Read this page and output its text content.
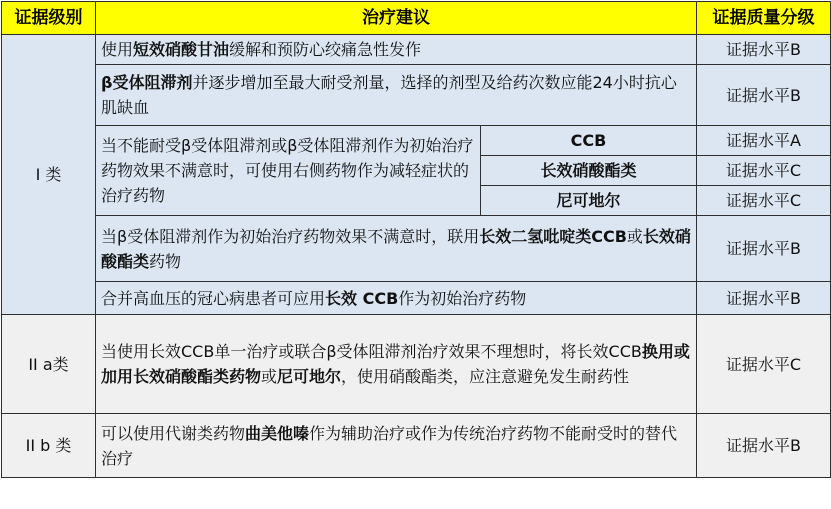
证据级别	治疗建议		证据质量分级
I 类	使用短效硝酸甘油缓解和预防心绞痛急性发作		证据水平B
	β受体阻滞剂并逐步增加至最大耐受剂量，选择的剂型及给药次数应能24小时抗心肌缺血		证据水平B
	当不能耐受β受体阻滞剂或β受体阻滞剂作为初始治疗药物效果不满意时，可使用右侧药物作为减轻症状的治疗药物	CCB	证据水平A
		长效硝酸酯类	证据水平C
		尼可地尔	证据水平C
	当β受体阻滞剂作为初始治疗药物效果不满意时，联用长效二氢吡啶类CCB或长效硝酸酯类药物		证据水平B
	合并高血压的冠心病患者可应用长效 CCB作为初始治疗药物		证据水平B
II a类	当使用长效CCB单一治疗或联合β受体阻滞剂治疗效果不理想时，将长效CCB换用或加用长效硝酸酯类药物或尼可地尔，使用硝酸酯类，应注意避免发生耐药性		证据水平C
II b 类	可以使用代谢类药物曲美他嗪作为辅助治疗或作为传统治疗药物不能耐受时的替代治疗		证据水平B
